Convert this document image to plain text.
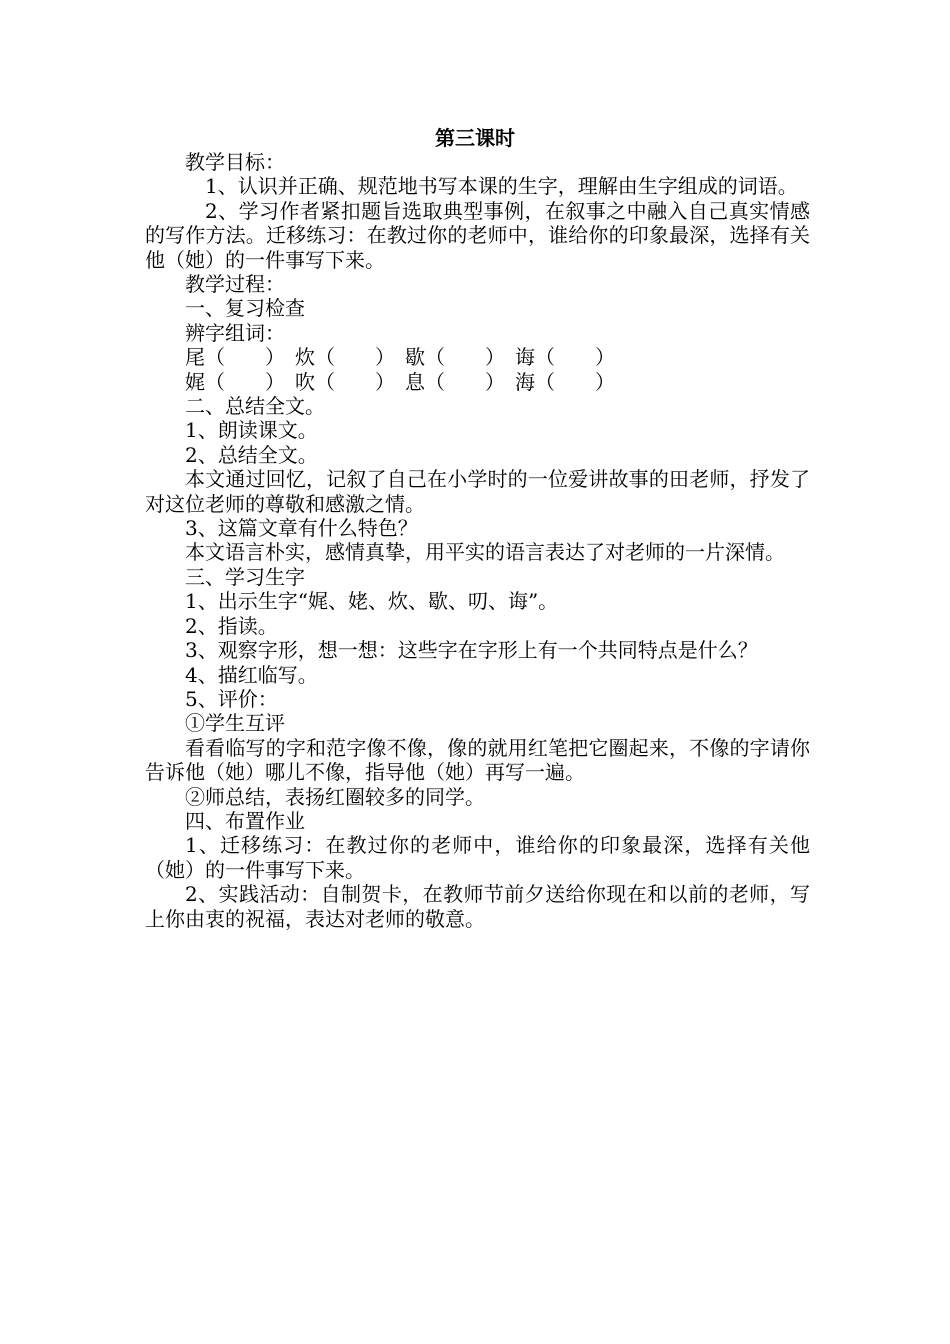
第三课时

教学目标：

1、认识并正确、规范地书写本课的生字，理解由生字组成的词语。

2、学习作者紧扣题旨选取典型事例，在叙事之中融入自己真实情感的写作方法。迁移练习：在教过你的老师中，谁给你的印象最深，选择有关他（她）的一件事写下来。

教学过程：

一、复习检查

辨字组词：

尾（　　） 炊（　　） 歇（　　） 诲（　　）
娓（　　） 吹（　　） 息（　　） 海（　　）

二、总结全文。

1、朗读课文。

2、总结全文。

本文通过回忆，记叙了自己在小学时的一位爱讲故事的田老师，抒发了对这位老师的尊敬和感激之情。

3、这篇文章有什么特色？

本文语言朴实，感情真挚，用平实的语言表达了对老师的一片深情。

三、学习生字

1、出示生字“娓、姥、炊、歇、叨、诲”。

2、指读。

3、观察字形，想一想：这些字在字形上有一个共同特点是什么？

4、描红临写。

5、评价：

①学生互评

看看临写的字和范字像不像，像的就用红笔把它圈起来，不像的字请你告诉他（她）哪儿不像，指导他（她）再写一遍。

②师总结，表扬红圈较多的同学。

四、布置作业

1、迁移练习：在教过你的老师中，谁给你的印象最深，选择有关他（她）的一件事写下来。

2、实践活动：自制贺卡，在教师节前夕送给你现在和以前的老师，写上你由衷的祝福，表达对老师的敬意。
